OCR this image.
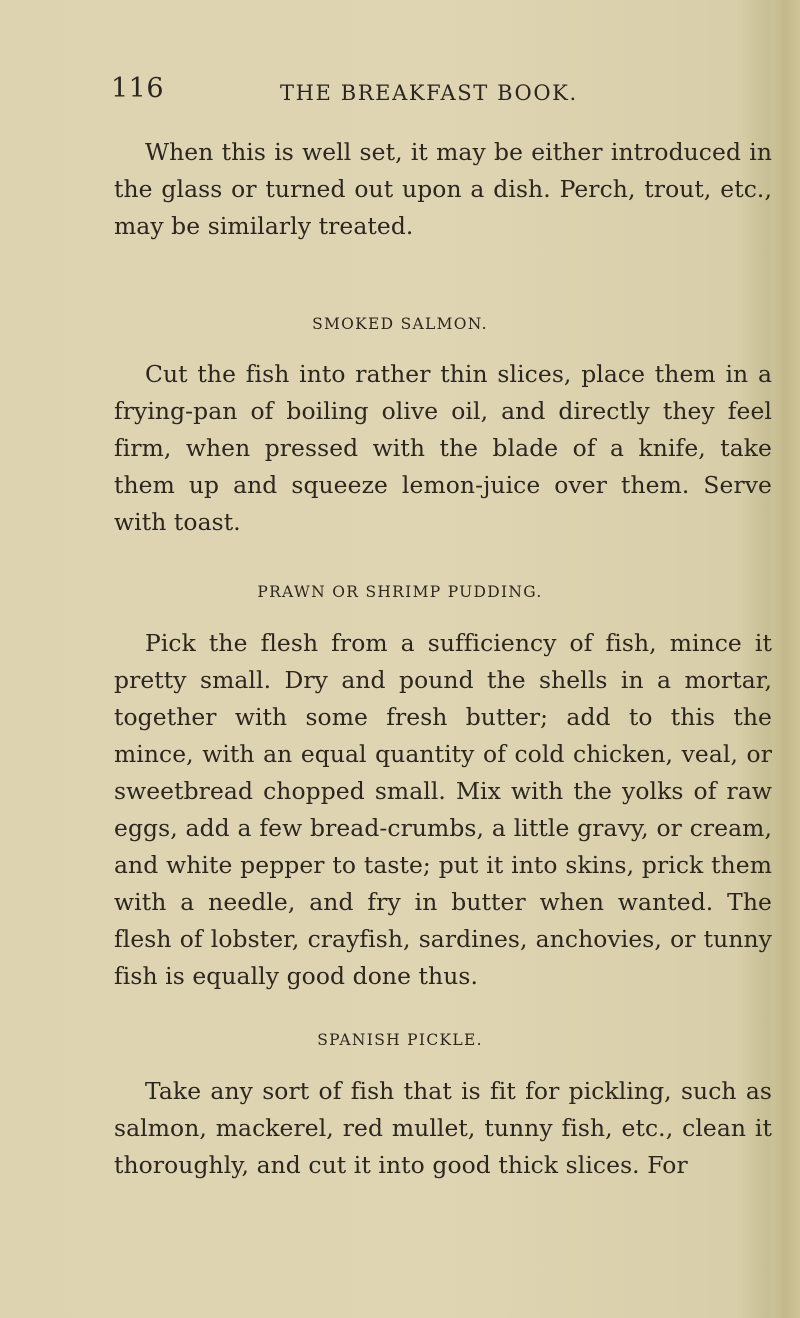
116	THE BREAKFAST BOOK.

When this is well set, it may be either introduced in the glass or turned out upon a dish. Perch, trout, etc., may be similarly treated.

SMOKED SALMON.

Cut the fish into rather thin slices, place them in a frying-pan of boiling olive oil, and directly they feel firm, when pressed with the blade of a knife, take them up and squeeze lemon-juice over them. Serve with toast.

PRAWN OR SHRIMP PUDDING.

Pick the flesh from a sufficiency of fish, mince it pretty small. Dry and pound the shells in a mortar, together with some fresh butter; add to this the mince, with an equal quantity of cold chicken, veal, or sweetbread chopped small. Mix with the yolks of raw eggs, add a few bread-crumbs, a little gravy, or cream, and white pepper to taste; put it into skins, prick them with a needle, and fry in butter when wanted. The flesh of lobster, crayfish, sardines, anchovies, or tunny fish is equally good done thus.

SPANISH PICKLE.

Take any sort of fish that is fit for pickling, such as salmon, mackerel, red mullet, tunny fish, etc., clean it thoroughly, and cut it into good thick slices. For
